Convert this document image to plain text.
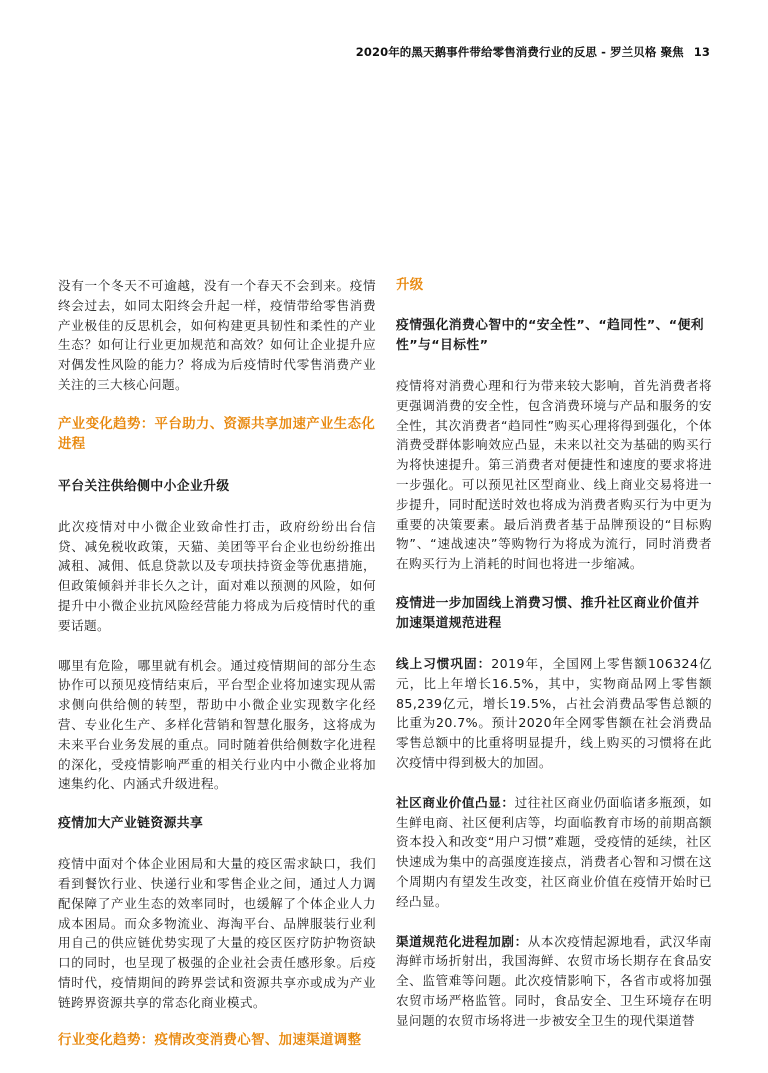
2020年的黑天鹅事件带给零售消费行业的反思 - 罗兰贝格 聚焦 13

没有一个冬天不可逾越，没有一个春天不会到来。疫情终会过去，如同太阳终会升起一样，疫情带给零售消费产业极佳的反思机会，如何构建更具韧性和柔性的产业生态？如何让行业更加规范和高效？如何让企业提升应对偶发性风险的能力？将成为后疫情时代零售消费产业关注的三大核心问题。

产业变化趋势：平台助力、资源共享加速产业生态化进程
平台关注供给侧中小企业升级

此次疫情对中小微企业致命性打击，政府纷纷出台信贷、减免税收政策，天猫、美团等平台企业也纷纷推出减租、减佣、低息贷款以及专项扶持资金等优惠措施，但政策倾斜并非长久之计，面对难以预测的风险，如何提升中小微企业抗风险经营能力将成为后疫情时代的重要话题。

哪里有危险，哪里就有机会。通过疫情期间的部分生态协作可以预见疫情结束后，平台型企业将加速实现从需求侧向供给侧的转型，帮助中小微企业实现数字化经营、专业化生产、多样化营销和智慧化服务，这将成为未来平台业务发展的重点。同时随着供给侧数字化进程的深化，受疫情影响严重的相关行业内中小微企业将加速集约化、内涵式升级进程。

疫情加大产业链资源共享

疫情中面对个体企业困局和大量的疫区需求缺口，我们看到餐饮行业、快递行业和零售企业之间，通过人力调配保障了产业生态的效率同时，也缓解了个体企业人力成本困局。而众多物流业、海淘平台、品牌服装行业利用自己的供应链优势实现了大量的疫区医疗防护物资缺口的同时，也呈现了极强的企业社会责任感形象。后疫情时代，疫情期间的跨界尝试和资源共享亦或成为产业链跨界资源共享的常态化商业模式。

行业变化趋势：疫情改变消费心智、加速渠道调整
升级
疫情强化消费心智中的“安全性”、“趋同性”、“便利性”与“目标性”

疫情将对消费心理和行为带来较大影响，首先消费者将更强调消费的安全性，包含消费环境与产品和服务的安全性，其次消费者“趋同性”购买心理将得到强化，个体消费受群体影响效应凸显，未来以社交为基础的购买行为将快速提升。第三消费者对便捷性和速度的要求将进一步强化。可以预见社区型商业、线上商业交易将进一步提升，同时配送时效也将成为消费者购买行为中更为重要的决策要素。最后消费者基于品牌预设的“目标购物”、“速战速决”等购物行为将成为流行，同时消费者在购买行为上消耗的时间也将进一步缩减。

疫情进一步加固线上消费习惯、推升社区商业价值并加速渠道规范进程

线上习惯巩固：2019年，全国网上零售额106324亿元，比上年增长16.5%，其中，实物商品网上零售额85,239亿元，增长19.5%，占社会消费品零售总额的比重为20.7%。预计2020年全网零售额在社会消费品零售总额中的比重将明显提升，线上购买的习惯将在此次疫情中得到极大的加固。

社区商业价值凸显：过往社区商业仍面临诸多瓶颈，如生鲜电商、社区便利店等，均面临教育市场的前期高额资本投入和改变“用户习惯”难题，受疫情的延续，社区快速成为集中的高强度连接点，消费者心智和习惯在这个周期内有望发生改变，社区商业价值在疫情开始时已经凸显。

渠道规范化进程加剧：从本次疫情起源地看，武汉华南海鲜市场折射出，我国海鲜、农贸市场长期存在食品安全、监管难等问题。此次疫情影响下，各省市或将加强农贸市场严格监管。同时，食品安全、卫生环境存在明显问题的农贸市场将进一步被安全卫生的现代渠道替
